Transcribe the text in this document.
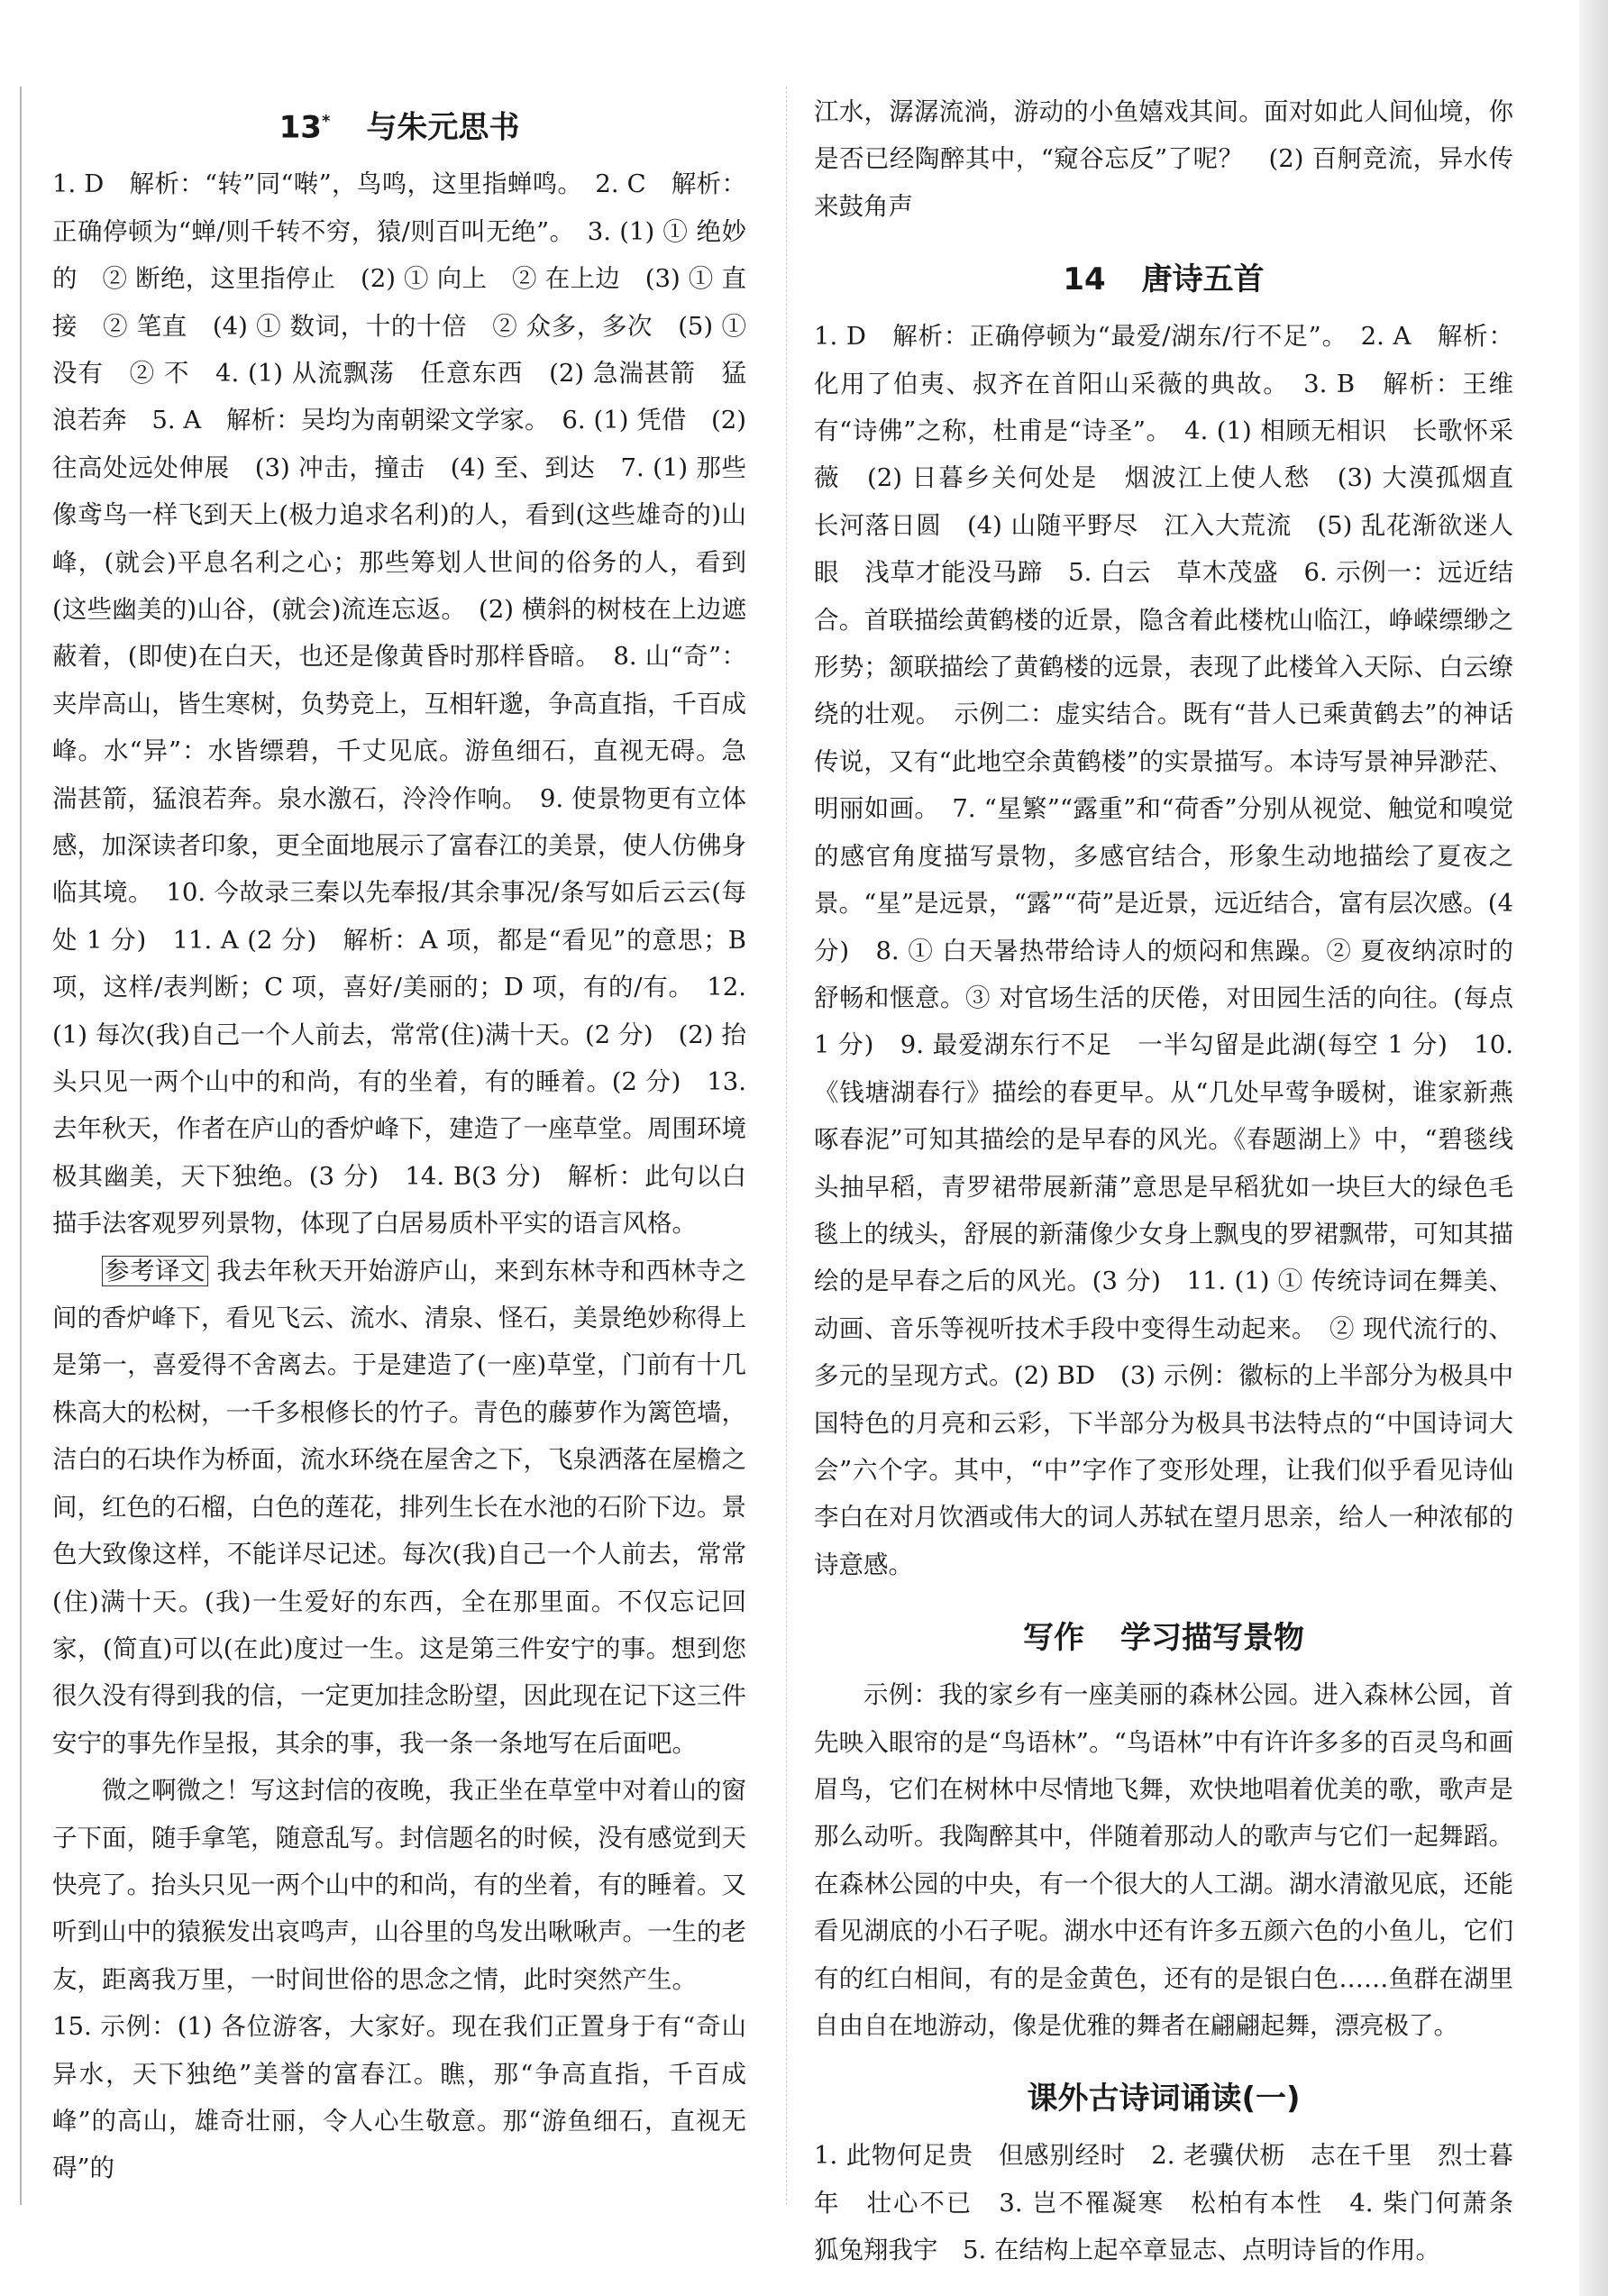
13* 与朱元思书

1. D　解析：“转”同“啭”，鸟鸣，这里指蝉鸣。　2. C　解析：正确停顿为“蝉/则千转不穷，猿/则百叫无绝”。　3. (1) ① 绝妙的　② 断绝，这里指停止　(2) ① 向上　② 在上边　(3) ① 直接　② 笔直　(4) ① 数词，十的十倍　② 众多，多次　(5) ① 没有　② 不　4. (1) 从流飘荡　任意东西　(2) 急湍甚箭　猛浪若奔　5. A　解析：吴均为南朝梁文学家。　6. (1) 凭借　(2) 往高处远处伸展　(3) 冲击，撞击　(4) 至、到达　7. (1) 那些像鸢鸟一样飞到天上(极力追求名利)的人，看到(这些雄奇的)山峰，(就会)平息名利之心；那些筹划人世间的俗务的人，看到(这些幽美的)山谷，(就会)流连忘返。　(2) 横斜的树枝在上边遮蔽着，(即使)在白天，也还是像黄昏时那样昏暗。　8. 山“奇”：夹岸高山，皆生寒树，负势竞上，互相轩邈，争高直指，千百成峰。水“异”：水皆缥碧，千丈见底。游鱼细石，直视无碍。急湍甚箭，猛浪若奔。泉水激石，泠泠作响。　9. 使景物更有立体感，加深读者印象，更全面地展示了富春江的美景，使人仿佛身临其境。　10. 今故录三秦以先奉报/其余事况/条写如后云云(每处 1 分)　11. A (2 分)　解析：A 项，都是“看见”的意思；B 项，这样/表判断；C 项，喜好/美丽的；D 项，有的/有。　12. (1) 每次(我)自己一个人前去，常常(住)满十天。(2 分)　(2) 抬头只见一两个山中的和尚，有的坐着，有的睡着。(2 分)　13. 去年秋天，作者在庐山的香炉峰下，建造了一座草堂。周围环境极其幽美，天下独绝。(3 分)　14. B(3 分)　解析：此句以白描手法客观罗列景物，体现了白居易质朴平实的语言风格。

参考译文 我去年秋天开始游庐山，来到东林寺和西林寺之间的香炉峰下，看见飞云、流水、清泉、怪石，美景绝妙称得上是第一，喜爱得不舍离去。于是建造了(一座)草堂，门前有十几株高大的松树，一千多根修长的竹子。青色的藤萝作为篱笆墙，洁白的石块作为桥面，流水环绕在屋舍之下，飞泉洒落在屋檐之间，红色的石榴，白色的莲花，排列生长在水池的石阶下边。景色大致像这样，不能详尽记述。每次(我)自己一个人前去，常常(住)满十天。(我)一生爱好的东西，全在那里面。不仅忘记回家，(简直)可以(在此)度过一生。这是第三件安宁的事。想到您很久没有得到我的信，一定更加挂念盼望，因此现在记下这三件安宁的事先作呈报，其余的事，我一条一条地写在后面吧。

微之啊微之！写这封信的夜晚，我正坐在草堂中对着山的窗子下面，随手拿笔，随意乱写。封信题名的时候，没有感觉到天快亮了。抬头只见一两个山中的和尚，有的坐着，有的睡着。又听到山中的猿猴发出哀鸣声，山谷里的鸟发出啾啾声。一生的老友，距离我万里，一时间世俗的思念之情，此时突然产生。

15. 示例：(1) 各位游客，大家好。现在我们正置身于有“奇山异水，天下独绝”美誉的富春江。瞧，那“争高直指，千百成峰”的高山，雄奇壮丽，令人心生敬意。那“游鱼细石，直视无碍”的

江水，潺潺流淌，游动的小鱼嬉戏其间。面对如此人间仙境，你是否已经陶醉其中，“窥谷忘反”了呢？　(2) 百舸竞流，异水传来鼓角声

14 唐诗五首

1. D　解析：正确停顿为“最爱/湖东/行不足”。　2. A　解析：化用了伯夷、叔齐在首阳山采薇的典故。　3. B　解析：王维有“诗佛”之称，杜甫是“诗圣”。　4. (1) 相顾无相识　长歌怀采薇　(2) 日暮乡关何处是　烟波江上使人愁　(3) 大漠孤烟直　长河落日圆　(4) 山随平野尽　江入大荒流　(5) 乱花渐欲迷人眼　浅草才能没马蹄　5. 白云　草木茂盛　6. 示例一：远近结合。首联描绘黄鹤楼的近景，隐含着此楼枕山临江，峥嵘缥缈之形势；颔联描绘了黄鹤楼的远景，表现了此楼耸入天际、白云缭绕的壮观。　示例二：虚实结合。既有“昔人已乘黄鹤去”的神话传说，又有“此地空余黄鹤楼”的实景描写。本诗写景神异渺茫、明丽如画。　7. “星繁”“露重”和“荷香”分别从视觉、触觉和嗅觉的感官角度描写景物，多感官结合，形象生动地描绘了夏夜之景。“星”是远景，“露”“荷”是近景，远近结合，富有层次感。(4 分)　8. ① 白天暑热带给诗人的烦闷和焦躁。② 夏夜纳凉时的舒畅和惬意。③ 对官场生活的厌倦，对田园生活的向往。(每点 1 分)　9. 最爱湖东行不足　一半勾留是此湖(每空 1 分)　10.《钱塘湖春行》描绘的春更早。从“几处早莺争暖树，谁家新燕啄春泥”可知其描绘的是早春的风光。《春题湖上》中，“碧毯线头抽早稻，青罗裙带展新蒲”意思是早稻犹如一块巨大的绿色毛毯上的绒头，舒展的新蒲像少女身上飘曳的罗裙飘带，可知其描绘的是早春之后的风光。(3 分)　11. (1) ① 传统诗词在舞美、动画、音乐等视听技术手段中变得生动起来。　② 现代流行的、多元的呈现方式。(2) BD　(3) 示例：徽标的上半部分为极具中国特色的月亮和云彩，下半部分为极具书法特点的“中国诗词大会”六个字。其中，“中”字作了变形处理，让我们似乎看见诗仙李白在对月饮酒或伟大的词人苏轼在望月思亲，给人一种浓郁的诗意感。

写作 学习描写景物

示例：我的家乡有一座美丽的森林公园。进入森林公园，首先映入眼帘的是“鸟语林”。“鸟语林”中有许许多多的百灵鸟和画眉鸟，它们在树林中尽情地飞舞，欢快地唱着优美的歌，歌声是那么动听。我陶醉其中，伴随着那动人的歌声与它们一起舞蹈。在森林公园的中央，有一个很大的人工湖。湖水清澈见底，还能看见湖底的小石子呢。湖水中还有许多五颜六色的小鱼儿，它们有的红白相间，有的是金黄色，还有的是银白色……鱼群在湖里自由自在地游动，像是优雅的舞者在翩翩起舞，漂亮极了。

课外古诗词诵读(一)

1. 此物何足贵　但感别经时　2. 老骥伏枥　志在千里　烈士暮年　壮心不已　3. 岂不罹凝寒　松柏有本性　4. 柴门何萧条　狐兔翔我宇　5. 在结构上起卒章显志、点明诗旨的作用。
